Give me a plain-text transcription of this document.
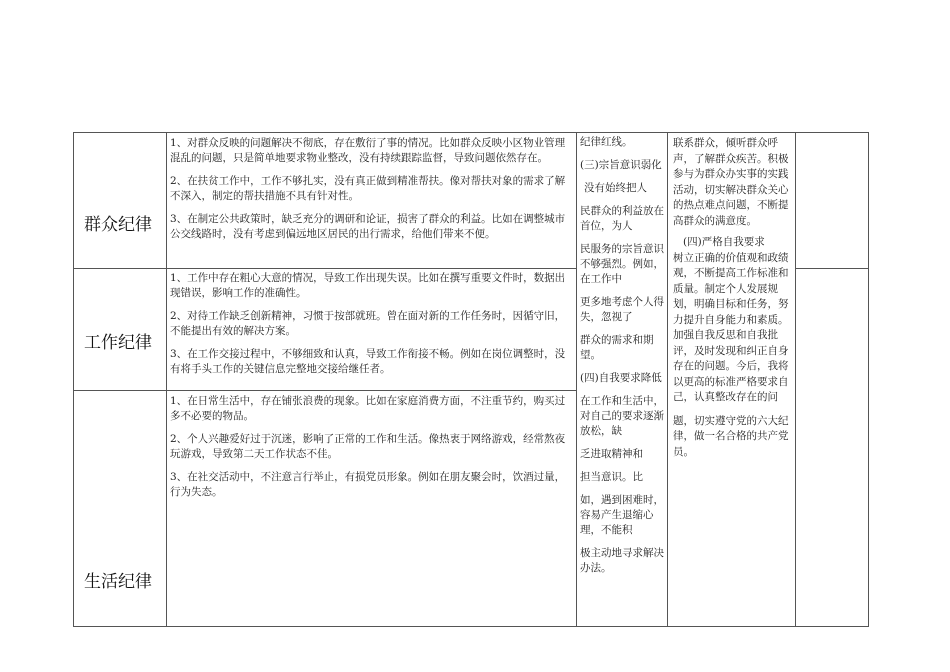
群众纪律
工作纪律
生活纪律

1、对群众反映的问题解决不彻底，存在敷衍了事的情况。比如群众反映小区物业管理混乱的问题，只是简单地要求物业整改，没有持续跟踪监督，导致问题依然存在。

2、在扶贫工作中，工作不够扎实，没有真正做到精准帮扶。像对帮扶对象的需求了解不深入，制定的帮扶措施不具有针对性。

3、在制定公共政策时，缺乏充分的调研和论证，损害了群众的利益。比如在调整城市公交线路时，没有考虑到偏远地区居民的出行需求，给他们带来不便。

1、工作中存在粗心大意的情况，导致工作出现失误。比如在撰写重要文件时，数据出现错误，影响工作的准确性。

2、对待工作缺乏创新精神，习惯于按部就班。曾在面对新的工作任务时，因循守旧，不能提出有效的解决方案。

3、在工作交接过程中，不够细致和认真，导致工作衔接不畅。例如在岗位调整时，没有将手头工作的关键信息完整地交接给继任者。

1、在日常生活中，存在铺张浪费的现象。比如在家庭消费方面，不注重节约，购买过多不必要的物品。

2、个人兴趣爱好过于沉迷，影响了正常的工作和生活。像热衷于网络游戏，经常熬夜玩游戏，导致第二天工作状态不佳。

3、在社交活动中，不注意言行举止，有损党员形象。例如在朋友聚会时，饮酒过量，行为失态。

纪律红线。

(三)宗旨意识弱化

没有始终把人

民群众的利益放在首位，为人

民服务的宗旨意识不够强烈。例如，在工作中

更多地考虑个人得失，忽视了

群众的需求和期望。

(四)自我要求降低

在工作和生活中，对自己的要求逐渐放松，缺

乏进取精神和

担当意识。比

如，遇到困难时，容易产生退缩心理，不能积

极主动地寻求解决办法。

联系群众，倾听群众呼声，了解群众疾苦。积极参与为群众办实事的实践活动，切实解决群众关心的热点难点问题，不断提高群众的满意度。

(四)严格自我要求

树立正确的价值观和政绩观，不断提高工作标准和质量。制定个人发展规划，明确目标和任务，努力提升自身能力和素质。加强自我反思和自我批评，及时发现和纠正自身存在的问题。今后，我将以更高的标准严格要求自己，认真整改存在的问

题，切实遵守党的六大纪律，做一名合格的共产党员。
